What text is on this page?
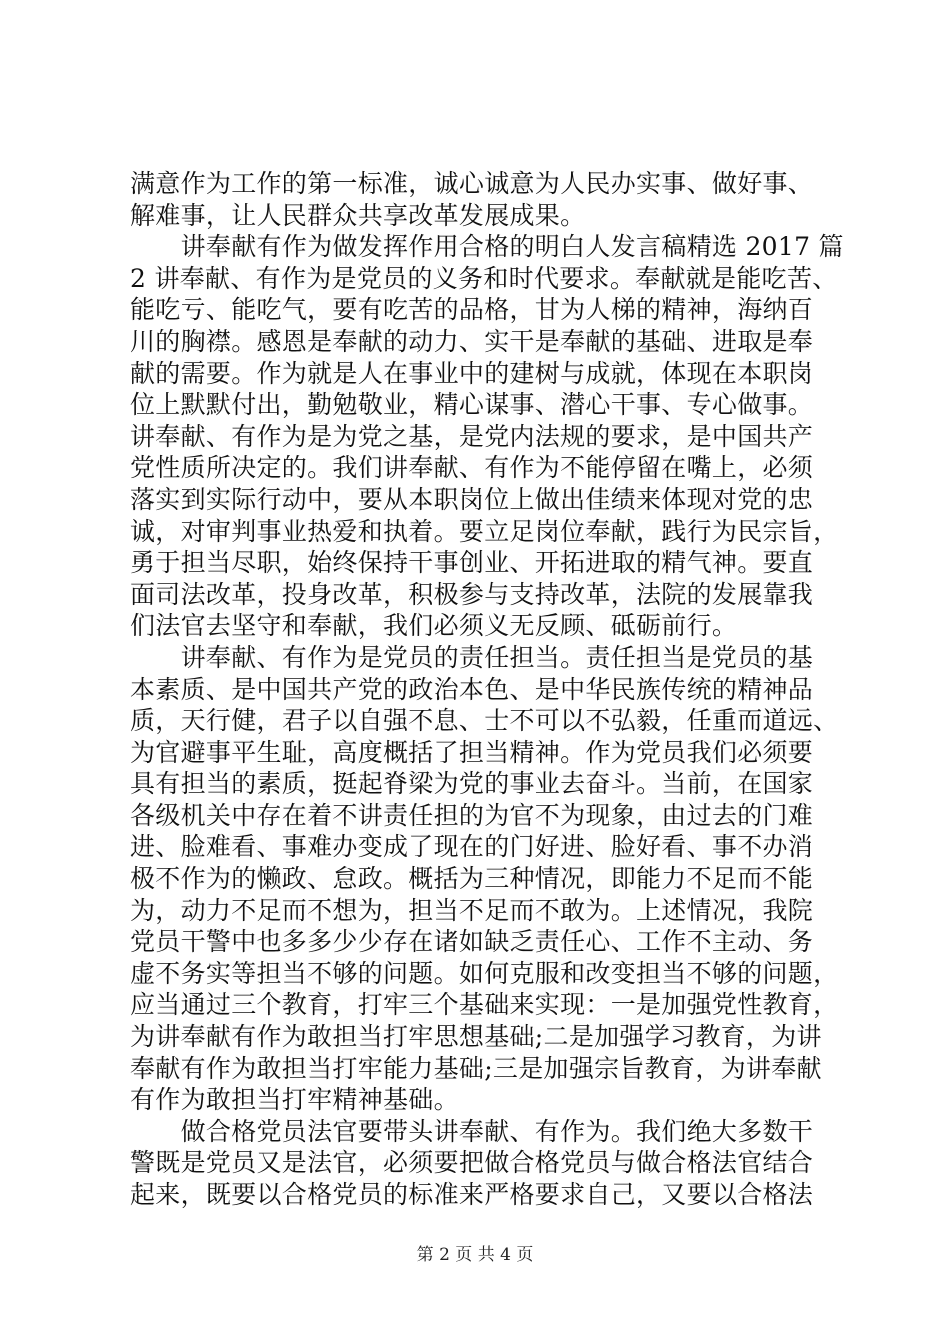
满意作为工作的第一标准，诚心诚意为人民办实事、做好事、
解难事，让人民群众共享改革发展成果。
　　讲奉献有作为做发挥作用合格的明白人发言稿精选 2017 篇
2 讲奉献、有作为是党员的义务和时代要求。奉献就是能吃苦、
能吃亏、能吃气，要有吃苦的品格，甘为人梯的精神，海纳百
川的胸襟。感恩是奉献的动力、实干是奉献的基础、进取是奉
献的需要。作为就是人在事业中的建树与成就，体现在本职岗
位上默默付出，勤勉敬业，精心谋事、潜心干事、专心做事。
讲奉献、有作为是为党之基，是党内法规的要求，是中国共产
党性质所决定的。我们讲奉献、有作为不能停留在嘴上，必须
落实到实际行动中，要从本职岗位上做出佳绩来体现对党的忠
诚，对审判事业热爱和执着。要立足岗位奉献，践行为民宗旨，
勇于担当尽职，始终保持干事创业、开拓进取的精气神。要直
面司法改革，投身改革，积极参与支持改革，法院的发展靠我
们法官去坚守和奉献，我们必须义无反顾、砥砺前行。
　　讲奉献、有作为是党员的责任担当。责任担当是党员的基
本素质、是中国共产党的政治本色、是中华民族传统的精神品
质，天行健，君子以自强不息、士不可以不弘毅，任重而道远、
为官避事平生耻，高度概括了担当精神。作为党员我们必须要
具有担当的素质，挺起脊梁为党的事业去奋斗。当前，在国家
各级机关中存在着不讲责任担的为官不为现象，由过去的门难
进、脸难看、事难办变成了现在的门好进、脸好看、事不办消
极不作为的懒政、怠政。概括为三种情况，即能力不足而不能
为，动力不足而不想为，担当不足而不敢为。上述情况，我院
党员干警中也多多少少存在诸如缺乏责任心、工作不主动、务
虚不务实等担当不够的问题。如何克服和改变担当不够的问题，
应当通过三个教育，打牢三个基础来实现：一是加强党性教育，
为讲奉献有作为敢担当打牢思想基础;二是加强学习教育，为讲
奉献有作为敢担当打牢能力基础;三是加强宗旨教育，为讲奉献
有作为敢担当打牢精神基础。
　　做合格党员法官要带头讲奉献、有作为。我们绝大多数干
警既是党员又是法官，必须要把做合格党员与做合格法官结合
起来，既要以合格党员的标准来严格要求自己，又要以合格法
第 2 页 共 4 页
